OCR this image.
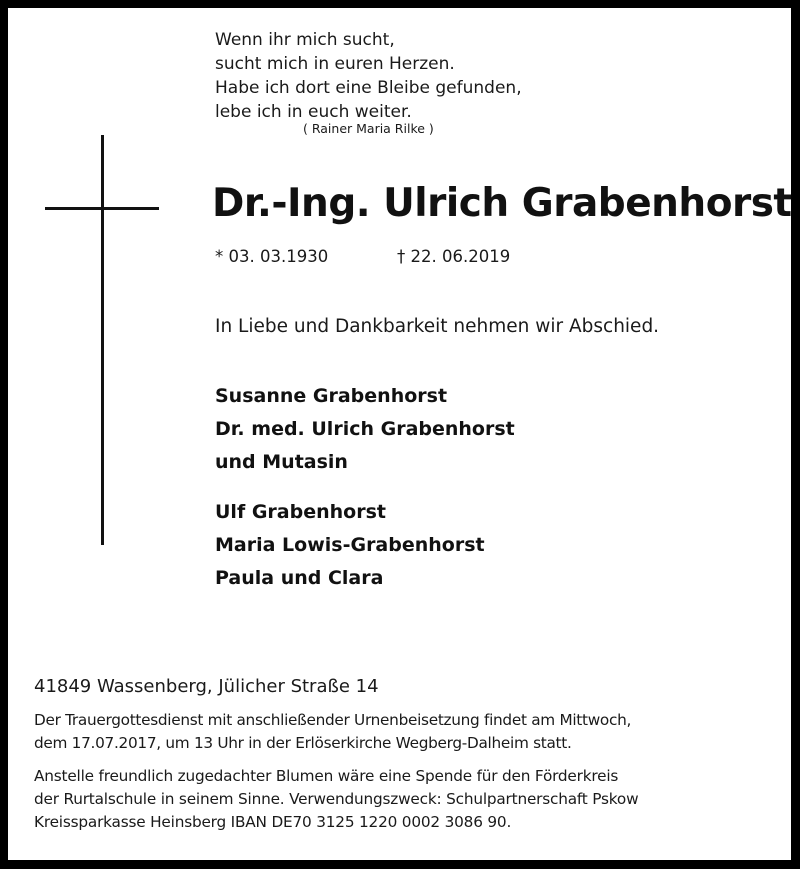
Wenn ihr mich sucht,
sucht mich in euren Herzen.
Habe ich dort eine Bleibe gefunden,
lebe ich in euch weiter.
( Rainer Maria Rilke )
Dr.-Ing. Ulrich Grabenhorst
* 03. 03.1930	† 22. 06.2019
In Liebe und Dankbarkeit nehmen wir Abschied.
Susanne Grabenhorst
Dr. med. Ulrich Grabenhorst
und Mutasin
Ulf Grabenhorst
Maria Lowis-Grabenhorst
Paula und Clara
41849 Wassenberg, Jülicher Straße 14
Der Trauergottesdienst mit anschließender Urnenbeisetzung findet am Mittwoch,
dem 17.07.2017, um 13 Uhr in der Erlöserkirche Wegberg-Dalheim statt.
Anstelle freundlich zugedachter Blumen wäre eine Spende für den Förderkreis
der Rurtalschule in seinem Sinne. Verwendungszweck: Schulpartnerschaft Pskow
Kreissparkasse Heinsberg IBAN DE70 3125 1220 0002 3086 90.
